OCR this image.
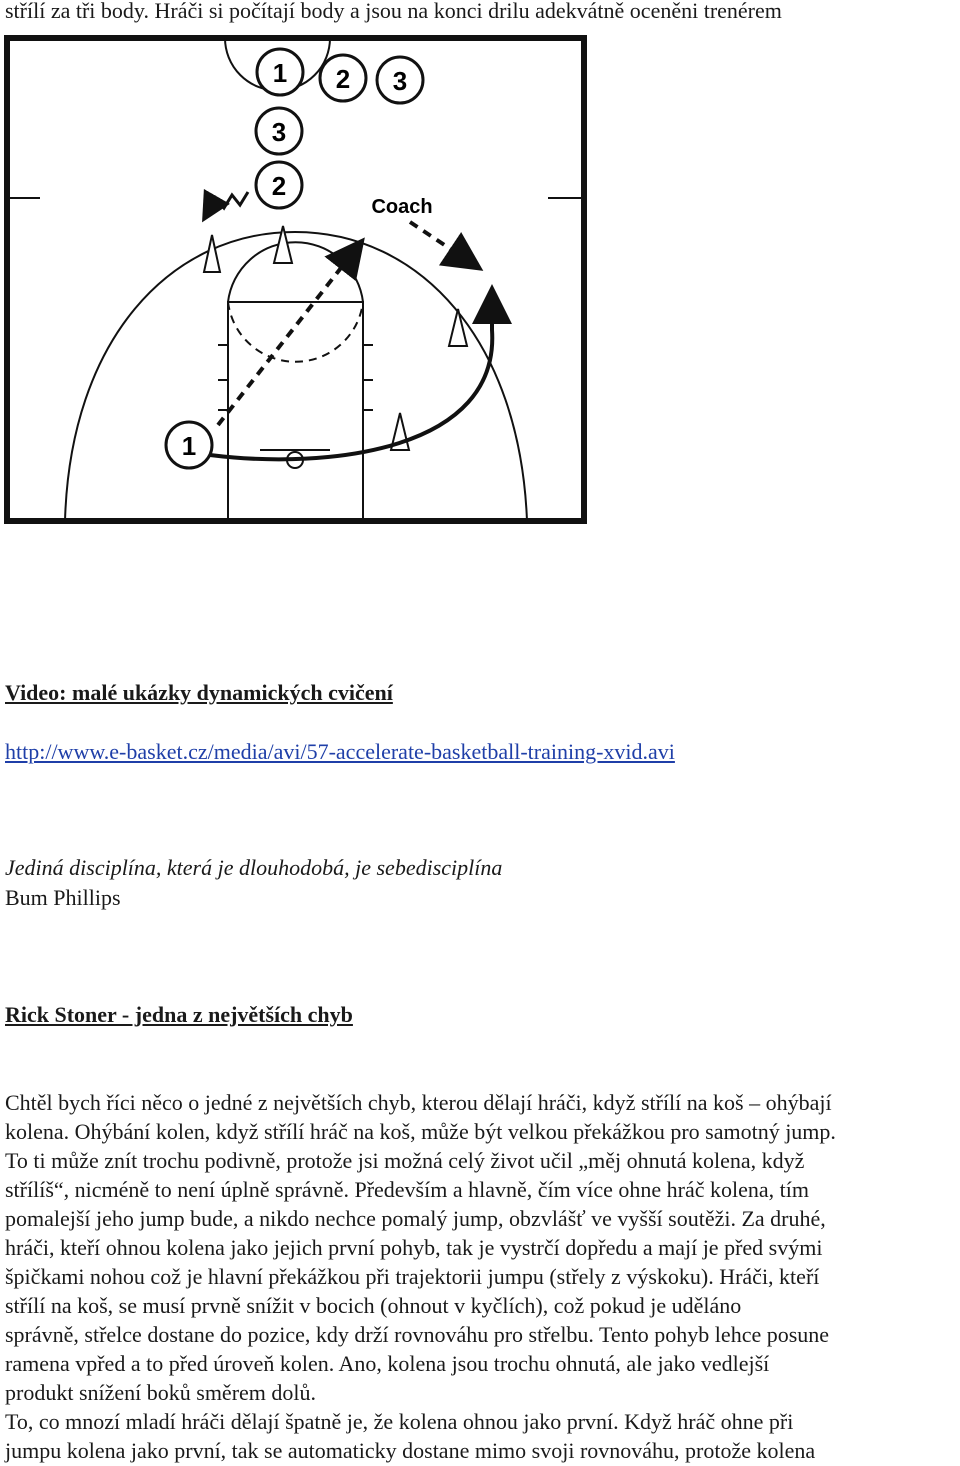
střílí za tři body. Hráči si počítají body a jsou na konci drilu adekvátně oceněni trenérem
1 2 3
3
2
1
Coach
Video: malé ukázky dynamických cvičení
http://www.e-basket.cz/media/avi/57-accelerate-basketball-training-xvid.avi
Jediná disciplína, která je dlouhodobá, je sebedisciplína
Bum Phillips
Rick Stoner - jedna z největších chyb
Chtěl bych říci něco o jedné z největších chyb, kterou dělají hráči, když střílí na koš – ohýbají
kolena. Ohýbání kolen, když střílí hráč na koš, může být velkou překážkou pro samotný jump.
To ti může znít trochu podivně, protože jsi možná celý život učil „měj ohnutá kolena, když
střílíš“, nicméně to není úplně správně. Především a hlavně, čím více ohne hráč kolena, tím
pomalejší jeho jump bude, a nikdo nechce pomalý jump, obzvlášť ve vyšší soutěži. Za druhé,
hráči, kteří ohnou kolena jako jejich první pohyb, tak je vystrčí dopředu a mají je před svými
špičkami nohou což je hlavní překážkou při trajektorii jumpu (střely z výskoku). Hráči, kteří
střílí na koš, se musí prvně snížit v bocich (ohnout v kyčlích), což pokud je uděláno
správně, střelce dostane do pozice, kdy drží rovnováhu pro střelbu. Tento pohyb lehce posune
ramena vpřed a to před úroveň kolen. Ano, kolena jsou trochu ohnutá, ale jako vedlejší
produkt snížení boků směrem dolů.
To, co mnozí mladí hráči dělají špatně je, že kolena ohnou jako první. Když hráč ohne při
jumpu kolena jako první, tak se automaticky dostane mimo svoji rovnováhu, protože kolena
